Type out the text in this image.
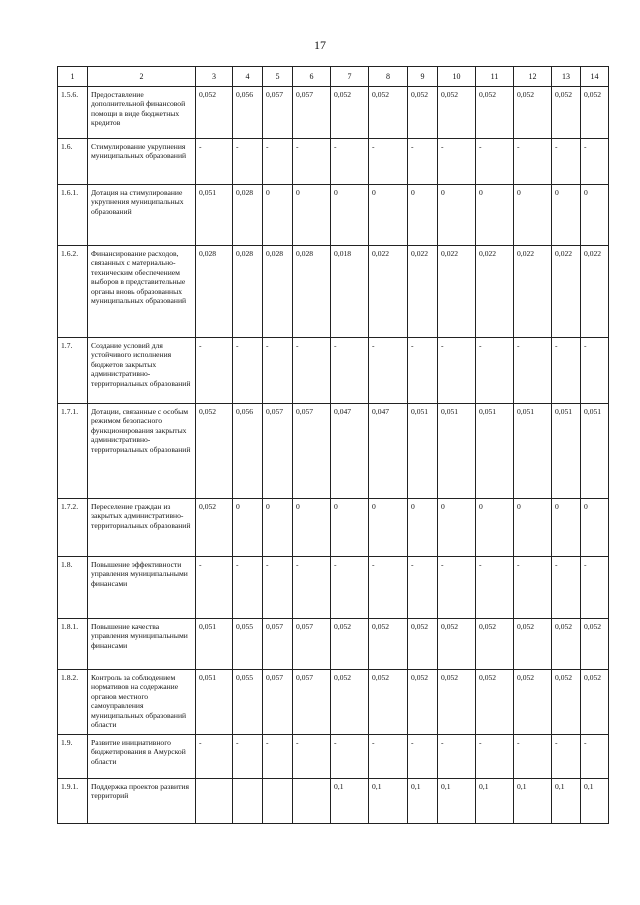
17
1	2	3	4	5	6	7	8	9	10	11	12	13	14
1.5.6.	Предоставление дополнительной финансовой помощи в виде бюджетных кредитов	0,052	0,056	0,057	0,057	0,052	0,052	0,052	0,052	0,052	0,052	0,052	0,052
1.6.	Стимулирование укрупнения муниципальных образований	-	-	-	-	-	-	-	-	-	-	-	-
1.6.1.	Дотация на стимулирование укрупнения муниципальных образований	0,051	0,028	0	0	0	0	0	0	0	0	0	0
1.6.2.	Финансирование расходов, связанных с материально-техническим обеспечением выборов в представительные органы вновь образованных муниципальных образований	0,028	0,028	0,028	0,028	0,018	0,022	0,022	0,022	0,022	0,022	0,022	0,022
1.7.	Создание условий для устойчивого исполнения бюджетов закрытых административно-территориальных образований	-	-	-	-	-	-	-	-	-	-	-	-
1.7.1.	Дотации, связанные с особым режимом безопасного функционирования закрытых административно-территориальных образований	0,052	0,056	0,057	0,057	0,047	0,047	0,051	0,051	0,051	0,051	0,051	0,051
1.7.2.	Переселение граждан из закрытых административно-территориальных образований	0,052	0	0	0	0	0	0	0	0	0	0	0
1.8.	Повышение эффективности управления муниципальными финансами	-	-	-	-	-	-	-	-	-	-	-	-
1.8.1.	Повышение качества управления муниципальными финансами	0,051	0,055	0,057	0,057	0,052	0,052	0,052	0,052	0,052	0,052	0,052	0,052
1.8.2.	Контроль за соблюдением нормативов на содержание органов местного самоуправления муниципальных образований области	0,051	0,055	0,057	0,057	0,052	0,052	0,052	0,052	0,052	0,052	0,052	0,052
1.9.	Развитие инициативного бюджетирования в Амурской области	-	-	-	-	-	-	-	-	-	-	-	-
1.9.1.	Поддержка проектов развития территорий					0,1	0,1	0,1	0,1	0,1	0,1	0,1	0,1
